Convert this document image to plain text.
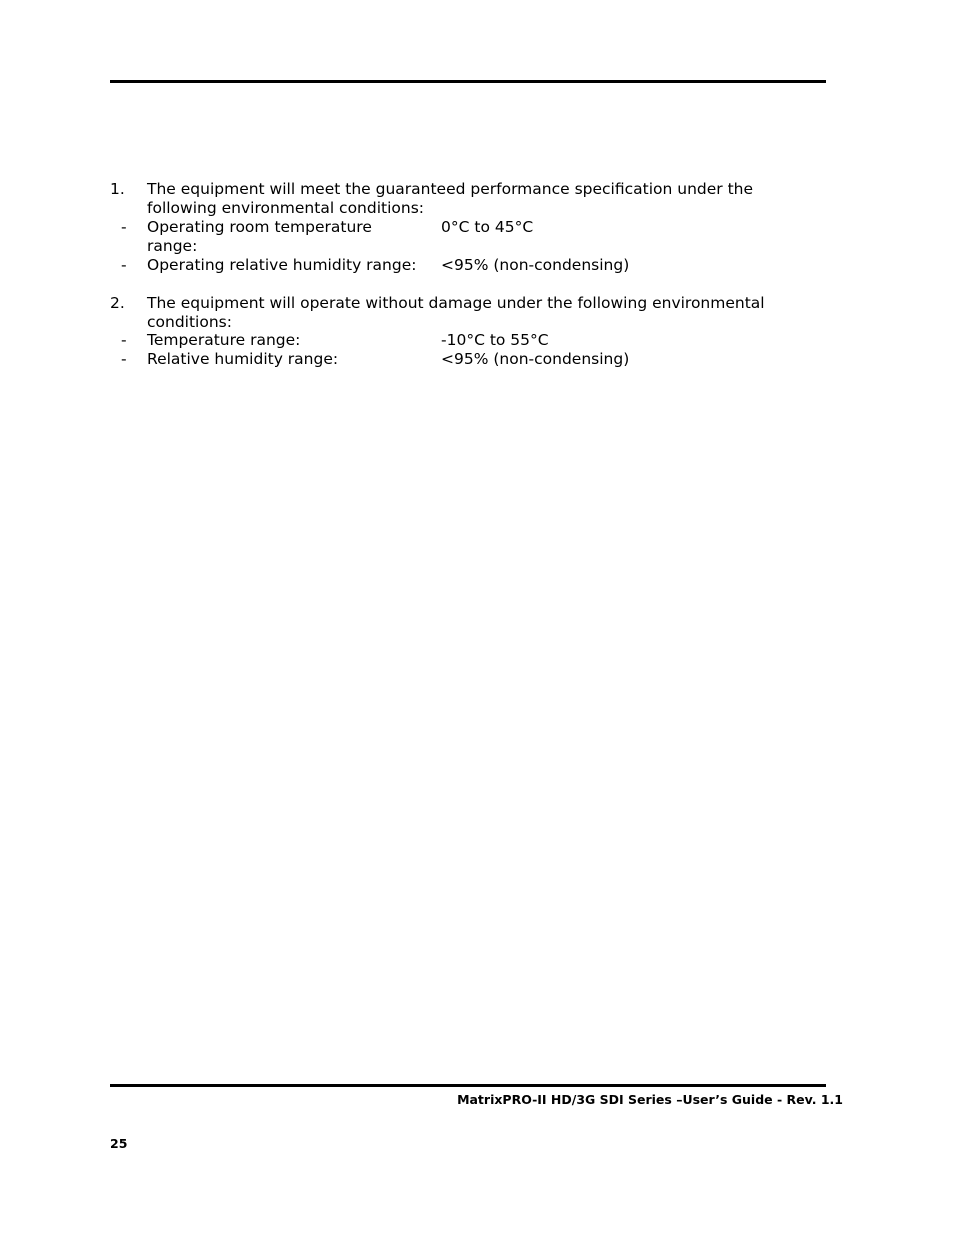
1. The equipment will meet the guaranteed performance specification under the
following environmental conditions:
- Operating room temperature
range:
0°C to 45°C
- Operating relative humidity range: <95% (non-condensing)
2. The equipment will operate without damage under the following environmental
conditions:
- Temperature range:	-10°C to 55°C
- Relative humidity range:	<95% (non-condensing)
MatrixPRO-II HD/3G SDI Series –User’s Guide - Rev. 1.1
25
